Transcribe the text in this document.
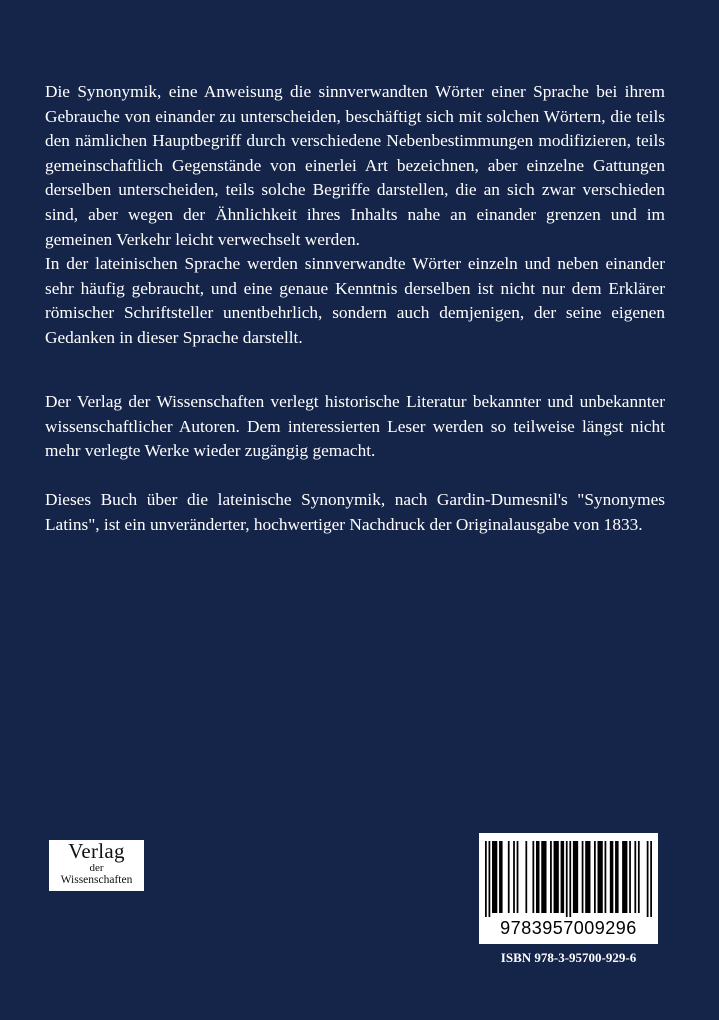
Die Synonymik, eine Anweisung die sinnverwandten Wörter einer Sprache bei ihrem Gebrauche von einander zu unterscheiden, beschäftigt sich mit solchen Wörtern, die teils den nämlichen Hauptbegriff durch verschiedene Nebenbestimmungen modifizieren, teils gemeinschaftlich Gegenstände von einerlei Art bezeichnen, aber einzelne Gattungen derselben unterscheiden, teils solche Begriffe darstellen, die an sich zwar verschieden sind, aber wegen der Ähnlichkeit ihres Inhalts nahe an einander grenzen und im gemeinen Verkehr leicht verwechselt werden.

In der lateinischen Sprache werden sinnverwandte Wörter einzeln und neben einander sehr häufig gebraucht, und eine genaue Kenntnis derselben ist nicht nur dem Erklärer römischer Schriftsteller unentbehrlich, sondern auch demjenigen, der seine eigenen Gedanken in dieser Sprache darstellt.

Der Verlag der Wissenschaften verlegt historische Literatur bekannter und unbekannter wissenschaftlicher Autoren. Dem interessierten Leser werden so teilweise längst nicht mehr verlegte Werke wieder zugängig gemacht.

Dieses Buch über die lateinische Synonymik, nach Gardin-Dumesnil's "Synonymes Latins", ist ein unveränderter, hochwertiger Nachdruck der Originalausgabe von 1833.

Verlag
der
Wissenschaften
9783957009296
ISBN 978-3-95700-929-6
